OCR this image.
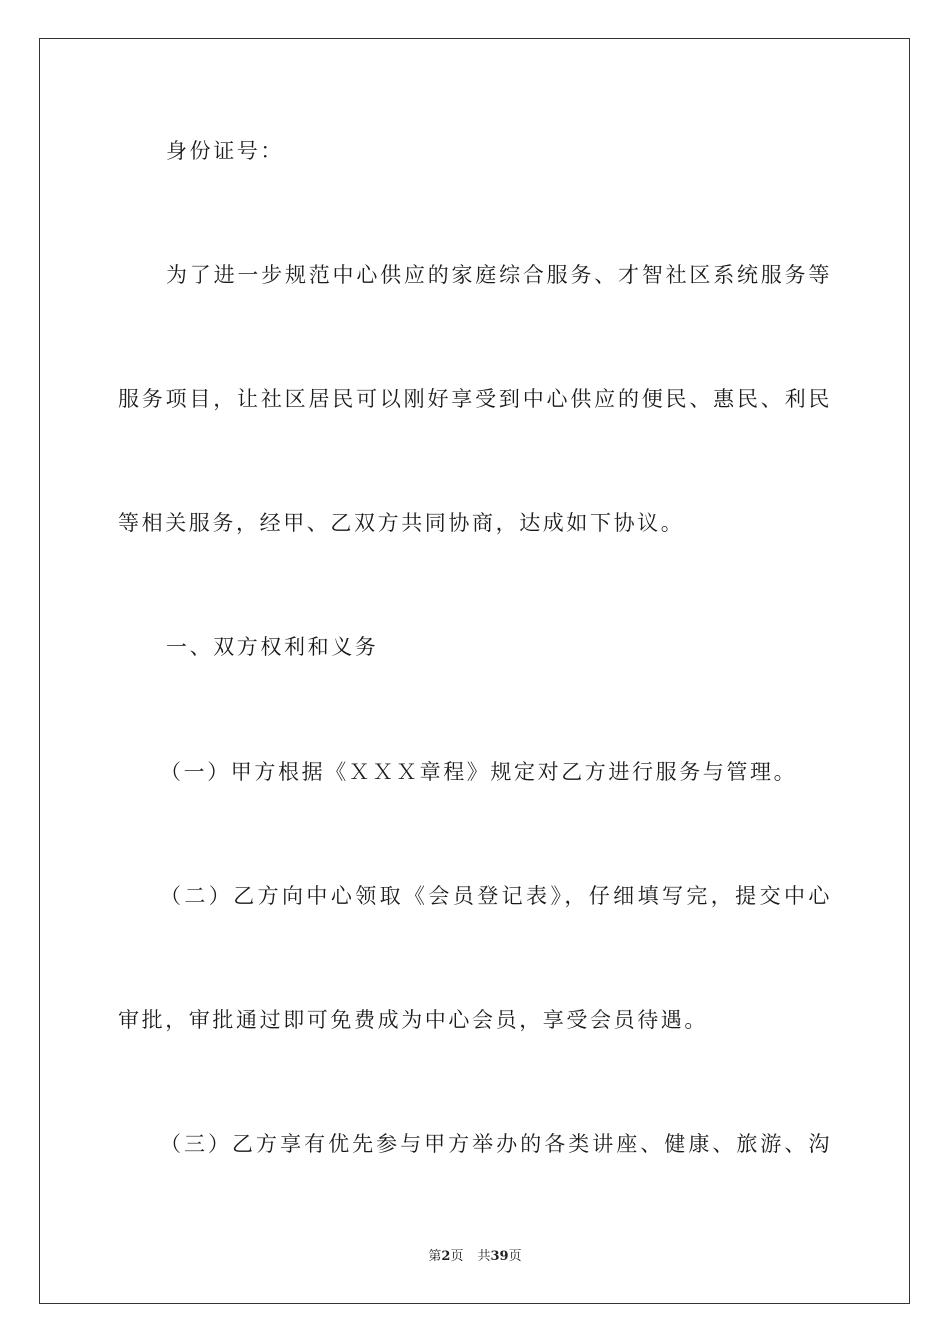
身份证号：
为了进一步规范中心供应的家庭综合服务、才智社区系统服务等
服务项目，让社区居民可以刚好享受到中心供应的便民、惠民、利民
等相关服务，经甲、乙双方共同协商，达成如下协议。
一、双方权利和义务
（一）甲方根据《ＸＸＸ章程》规定对乙方进行服务与管理。
（二）乙方向中心领取《会员登记表》，仔细填写完，提交中心
审批，审批通过即可免费成为中心会员，享受会员待遇。
（三）乙方享有优先参与甲方举办的各类讲座、健康、旅游、沟
第2页 共39页
